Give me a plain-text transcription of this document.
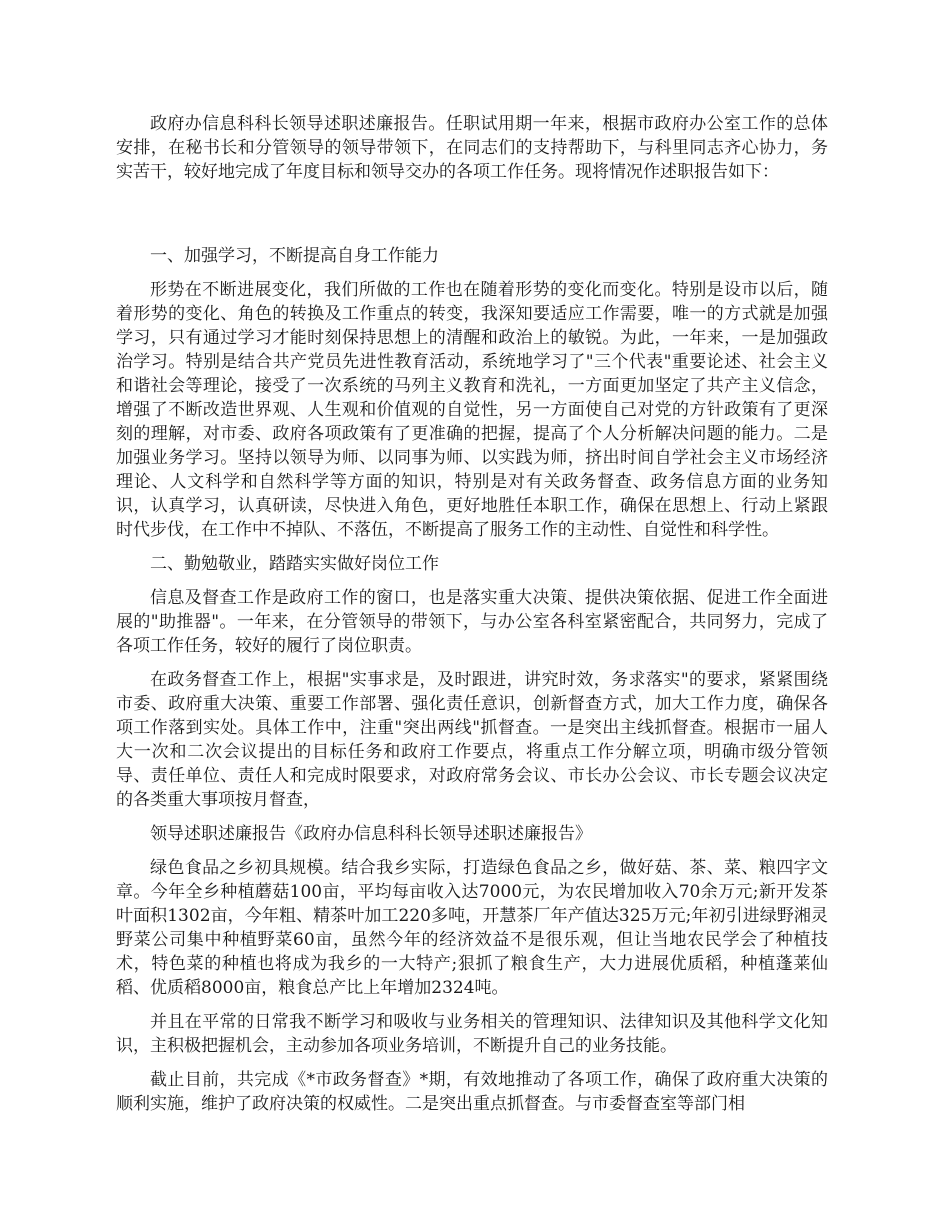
政府办信息科科长领导述职述廉报告。任职试用期一年来，根据市政府办公室工作的总体安排，在秘书长和分管领导的领导带领下，在同志们的支持帮助下，与科里同志齐心协力，务实苦干，较好地完成了年度目标和领导交办的各项工作任务。现将情况作述职报告如下：

一、加强学习，不断提高自身工作能力

形势在不断进展变化，我们所做的工作也在随着形势的变化而变化。特别是设市以后，随着形势的变化、角色的转换及工作重点的转变，我深知要适应工作需要，唯一的方式就是加强学习，只有通过学习才能时刻保持思想上的清醒和政治上的敏锐。为此，一年来，一是加强政治学习。特别是结合共产党员先进性教育活动，系统地学习了"三个代表"重要论述、社会主义和谐社会等理论，接受了一次系统的马列主义教育和洗礼，一方面更加坚定了共产主义信念，增强了不断改造世界观、人生观和价值观的自觉性，另一方面使自己对党的方针政策有了更深刻的理解，对市委、政府各项政策有了更准确的把握，提高了个人分析解决问题的能力。二是加强业务学习。坚持以领导为师、以同事为师、以实践为师，挤出时间自学社会主义市场经济理论、人文科学和自然科学等方面的知识，特别是对有关政务督查、政务信息方面的业务知识，认真学习，认真研读，尽快进入角色，更好地胜任本职工作，确保在思想上、行动上紧跟时代步伐，在工作中不掉队、不落伍，不断提高了服务工作的主动性、自觉性和科学性。

二、勤勉敬业，踏踏实实做好岗位工作

信息及督查工作是政府工作的窗口，也是落实重大决策、提供决策依据、促进工作全面进展的"助推器"。一年来，在分管领导的带领下，与办公室各科室紧密配合，共同努力，完成了各项工作任务，较好的履行了岗位职责。

在政务督查工作上，根据"实事求是，及时跟进，讲究时效，务求落实"的要求，紧紧围绕市委、政府重大决策、重要工作部署、强化责任意识，创新督查方式，加大工作力度，确保各项工作落到实处。具体工作中，注重"突出两线"抓督查。一是突出主线抓督查。根据市一届人大一次和二次会议提出的目标任务和政府工作要点，将重点工作分解立项，明确市级分管领导、责任单位、责任人和完成时限要求，对政府常务会议、市长办公会议、市长专题会议决定的各类重大事项按月督查，

领导述职述廉报告《政府办信息科科长领导述职述廉报告》

绿色食品之乡初具规模。结合我乡实际，打造绿色食品之乡，做好菇、茶、菜、粮四字文章。今年全乡种植蘑菇100亩，平均每亩收入达7000元，为农民增加收入70余万元;新开发茶叶面积1302亩，今年粗、精茶叶加工220多吨，开慧茶厂年产值达325万元;年初引进绿野湘灵野菜公司集中种植野菜60亩，虽然今年的经济效益不是很乐观，但让当地农民学会了种植技术，特色菜的种植也将成为我乡的一大特产;狠抓了粮食生产，大力进展优质稻，种植蓬莱仙稻、优质稻8000亩，粮食总产比上年增加2324吨。

并且在平常的日常我不断学习和吸收与业务相关的管理知识、法律知识及其他科学文化知识，主积极把握机会，主动参加各项业务培训，不断提升自己的业务技能。

截止目前，共完成《*市政务督查》*期，有效地推动了各项工作，确保了政府重大决策的顺利实施，维护了政府决策的权威性。二是突出重点抓督查。与市委督查室等部门相
